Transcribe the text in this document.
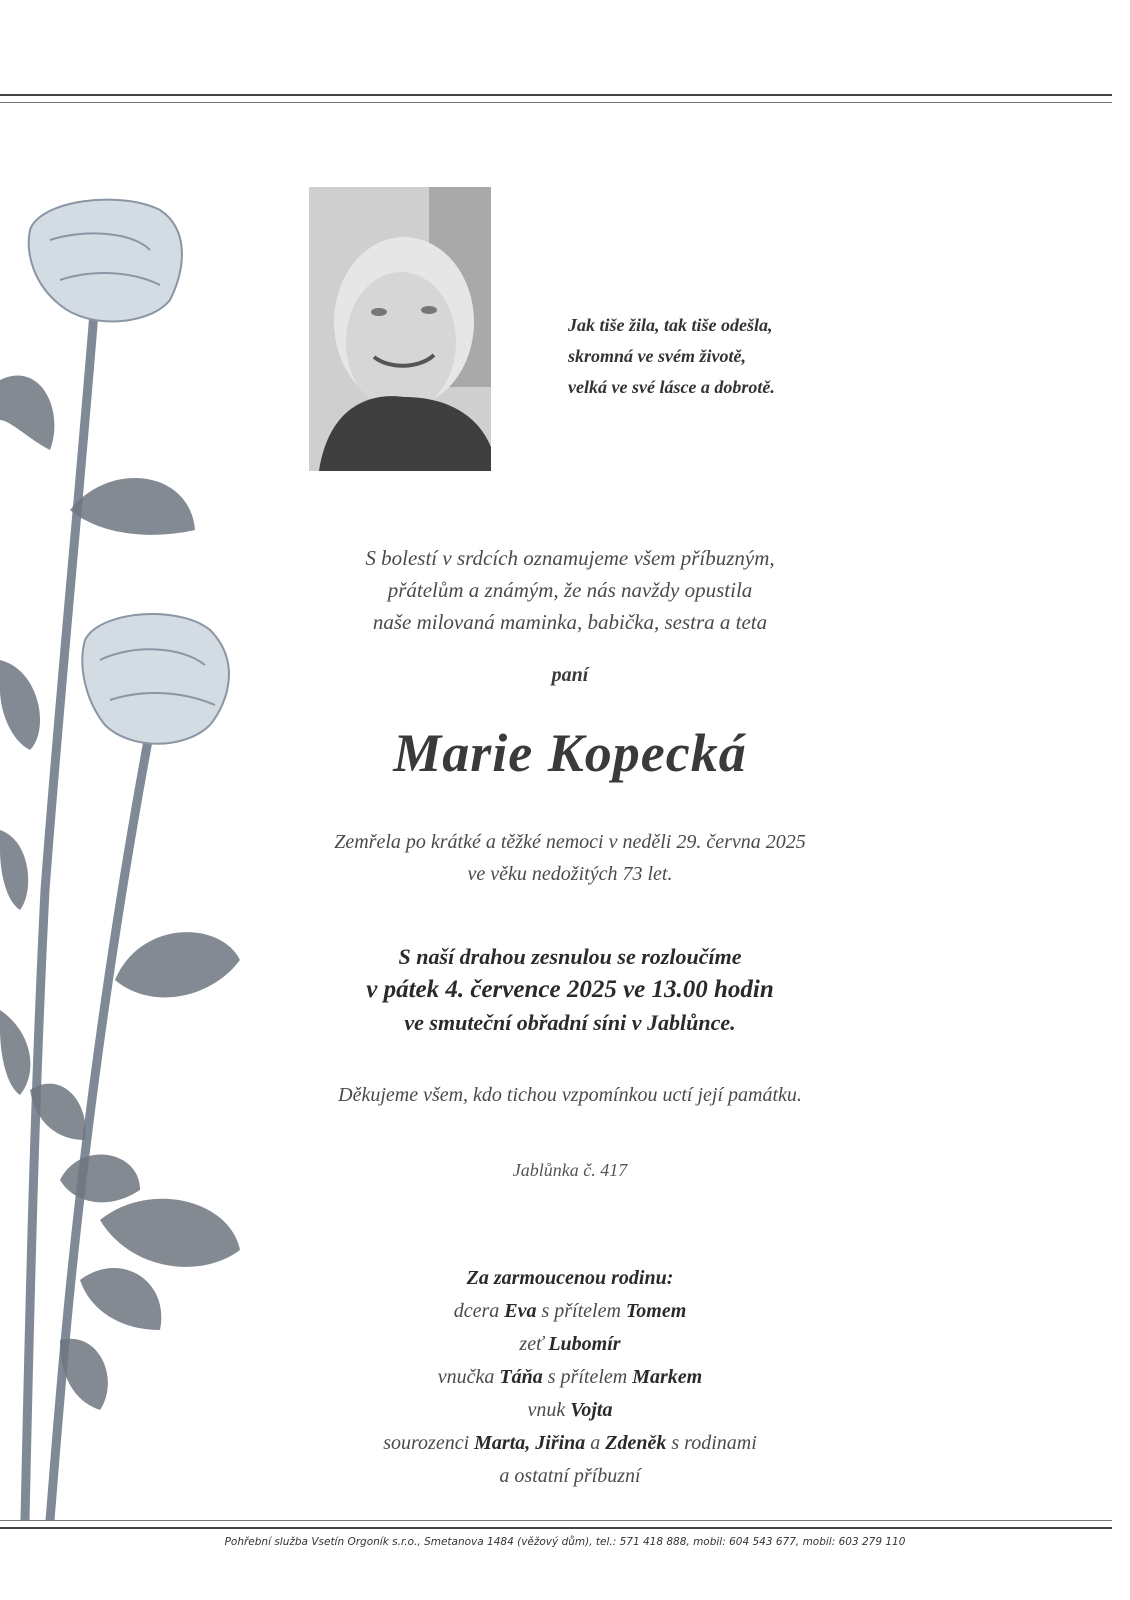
Jak tiše žila, tak tiše odešla,
skromná ve svém životě,
velká ve své lásce a dobrotě.
S bolestí v srdcích oznamujeme všem příbuzným,
přátelům a známým, že nás navždy opustila
naše milovaná maminka, babička, sestra a teta
paní
Marie Kopecká
Zemřela po krátké a těžké nemoci v neděli 29. června 2025
ve věku nedožitých 73 let.
S naší drahou zesnulou se rozloučíme
v pátek 4. července 2025 ve 13.00 hodin
ve smuteční obřadní síni v Jablůnce.
Děkujeme všem, kdo tichou vzpomínkou uctí její památku.
Jablůnka č. 417
Za zarmoucenou rodinu:
dcera Eva s přítelem Tomem
zeť Lubomír
vnučka Táňa s přítelem Markem
vnuk Vojta
sourozenci Marta, Jiřina a Zdeněk s rodinami
a ostatní příbuzní
Pohřební služba Vsetín Orgoník s.r.o., Smetanova 1484 (věžový dům), tel.: 571 418 888, mobil: 604 543 677, mobil: 603 279 110
